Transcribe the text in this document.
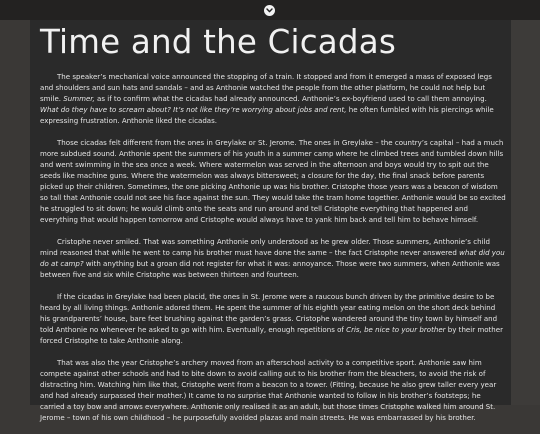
Time and the Cicadas

The speaker’s mechanical voice announced the stopping of a train. It stopped and from it emerged a mass of exposed legs and shoulders and sun hats and sandals – and as Anthonie watched the people from the other platform, he could not help but smile. Summer, as if to confirm what the cicadas had already announced. Anthonie’s ex-boyfriend used to call them annoying. What do they have to scream about? It’s not like they’re worrying about jobs and rent, he often fumbled with his piercings while expressing frustration. Anthonie liked the cicadas.

Those cicadas felt different from the ones in Greylake or St. Jerome. The ones in Greylake – the country’s capital – had a much more subdued sound. Anthonie spent the summers of his youth in a summer camp where he climbed trees and tumbled down hills and went swimming in the sea once a week. Where watermelon was served in the afternoon and boys would try to spit out the seeds like machine guns. Where the watermelon was always bittersweet; a closure for the day, the final snack before parents picked up their children. Sometimes, the one picking Anthonie up was his brother. Cristophe those years was a beacon of wisdom so tall that Anthonie could not see his face against the sun. They would take the tram home together. Anthonie would be so excited he struggled to sit down; he would climb onto the seats and run around and tell Cristophe everything that happened and everything that would happen tomorrow and Cristophe would always have to yank him back and tell him to behave himself.

Cristophe never smiled. That was something Anthonie only understood as he grew older. Those summers, Anthonie’s child mind reasoned that while he went to camp his brother must have done the same – the fact Cristophe never answered what did you do at camp? with anything but a groan did not register for what it was: annoyance. Those were two summers, when Anthonie was between five and six while Cristophe was between thirteen and fourteen.

If the cicadas in Greylake had been placid, the ones in St. Jerome were a raucous bunch driven by the primitive desire to be heard by all living things. Anthonie adored them. He spent the summer of his eighth year eating melon on the short deck behind his grandparents’ house, bare feet brushing against the garden’s grass. Cristophe wandered around the tiny town by himself and told Anthonie no whenever he asked to go with him. Eventually, enough repetitions of Cris, be nice to your brother by their mother forced Cristophe to take Anthonie along.

That was also the year Cristophe’s archery moved from an afterschool activity to a competitive sport. Anthonie saw him compete against other schools and had to bite down to avoid calling out to his brother from the bleachers, to avoid the risk of distracting him. Watching him like that, Cristophe went from a beacon to a tower. (Fitting, because he also grew taller every year and had already surpassed their mother.) It came to no surprise that Anthonie wanted to follow in his brother’s footsteps; he carried a toy bow and arrows everywhere. Anthonie only realised it as an adult, but those times Cristophe walked him around St. Jerome – town of his own childhood – he purposefully avoided plazas and main streets. He was embarrassed by his brother.
